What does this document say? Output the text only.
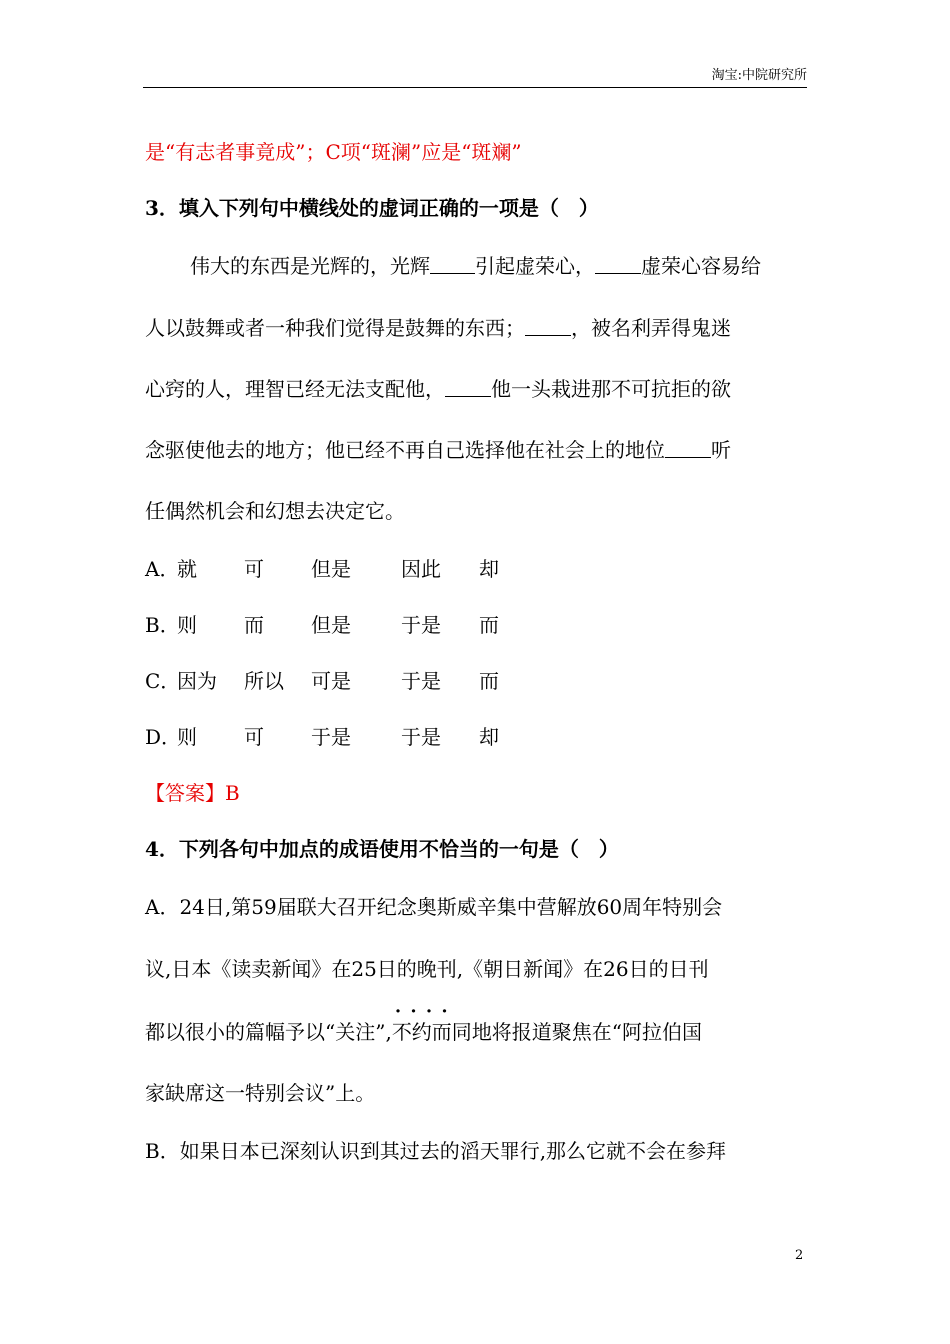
淘宝:中院研究所
是“有志者事竟成”；C项“斑澜”应是“斑斓”
3．填入下列句中横线处的虚词正确的一项是（　）
伟大的东西是光辉的，光辉 引起虚荣心， 虚荣心容易给
人以鼓舞或者一种我们觉得是鼓舞的东西； ，被名利弄得鬼迷
心窍的人，理智已经无法支配他， 他一头栽进那不可抗拒的欲
念驱使他去的地方；他已经不再自己选择他在社会上的地位 听
任偶然机会和幻想去决定它。
A．
就 可 但是	因此 却
B．
则 而 但是	于是 而
C．
因为 所以 可是	于是 而
D．
则 可 于是	于是 却
【答案】B
4．下列各句中加点的成语使用不恰当的一句是（　）
A．24日,第59届联大召开纪念奥斯威辛集中营解放60周年特别会
议,日本《读卖新闻》在25日的晚刊,《朝日新闻》在26日的日刊
都以很小的篇幅予以“关注”,· · · · 不约而同地将报道聚焦在“阿拉伯国
家缺席这一特别会议”上。
B．如果日本已深刻认识到其过去的滔天罪行,那么它就不会在参拜
2
